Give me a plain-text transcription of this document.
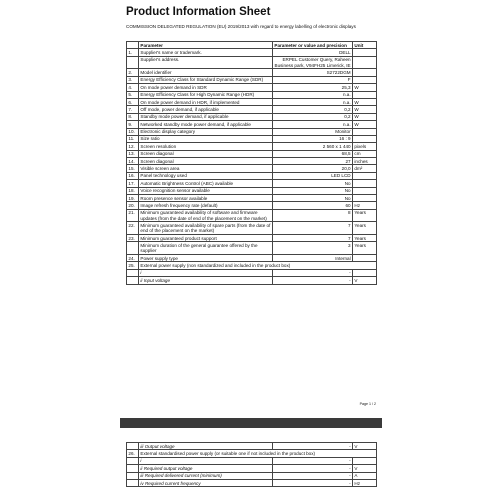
Product Information Sheet
COMMISSION DELEGATED REGULATION (EU) 2019/2013 with regard to energy labelling of electronic displays
	Parameter	Parameter or value and precision	Unit
1.	Supplier's name or trademark.	DELL	
	Supplier's address.	ERPEL Customer Query, Raheen Business park, V94FH25 Limerick, IE	
2.	Model identifier	S2722DGM	
3.	Energy Efficiency Class for Standard Dynamic Range (SDR)	F	
4.	On mode power demand in SDR	25,3	W
5.	Energy Efficiency Class for High Dynamic Range (HDR)	n.a.	
6.	On mode power demand in HDR, if implemented	n.a.	W
7.	Off mode, power demand, if applicable	0,2	W
8.	Standby mode power demand, if applicable	0,2	W
9.	Networked standby mode power demand, if applicable	n.a.	W
10.	Electronic display category	Monitor	
11.	Size ratio	16 : 9	
12.	Screen resolution	2 560 x 1 440	pixels
13.	Screen diagonal	68,5	cm
14.	Screen diagonal	27	inches
15.	Visible screen area	20,0	dm²
16.	Panel technology used	LED LCD	
17.	Automatic Brightness Control (ABC) available	No	
18.	Voice recognition sensor available	No	
19.	Room presence sensor available	No	
20.	Image refresh frequency rate (default)	60	Hz
21.	Minimum guaranteed availability of software and firmware updates (from the date of end of the placement on the market)	8	Years
22.	Minimum guaranteed availability of spare parts (from the date of end of the placement on the market)	7	Years
23.	Minimum guaranteed product support	7	Years
	Minimum duration of the general guarantee offered by the supplier	3	Years
24.	Power supply type	Internal	
25.	External power supply (non standardized and included in the product box)		
	i	-	
	ii Input voltage	-	V
Page 1 / 2
	iii Output voltage	-	V
26.	External standardised power supply (or suitable one if not included in the product box)		
	i	-	
	ii Required output voltage	-	V
	iii Required delivered current (minimum)	-	A
	iv Required current frequency	-	Hz
